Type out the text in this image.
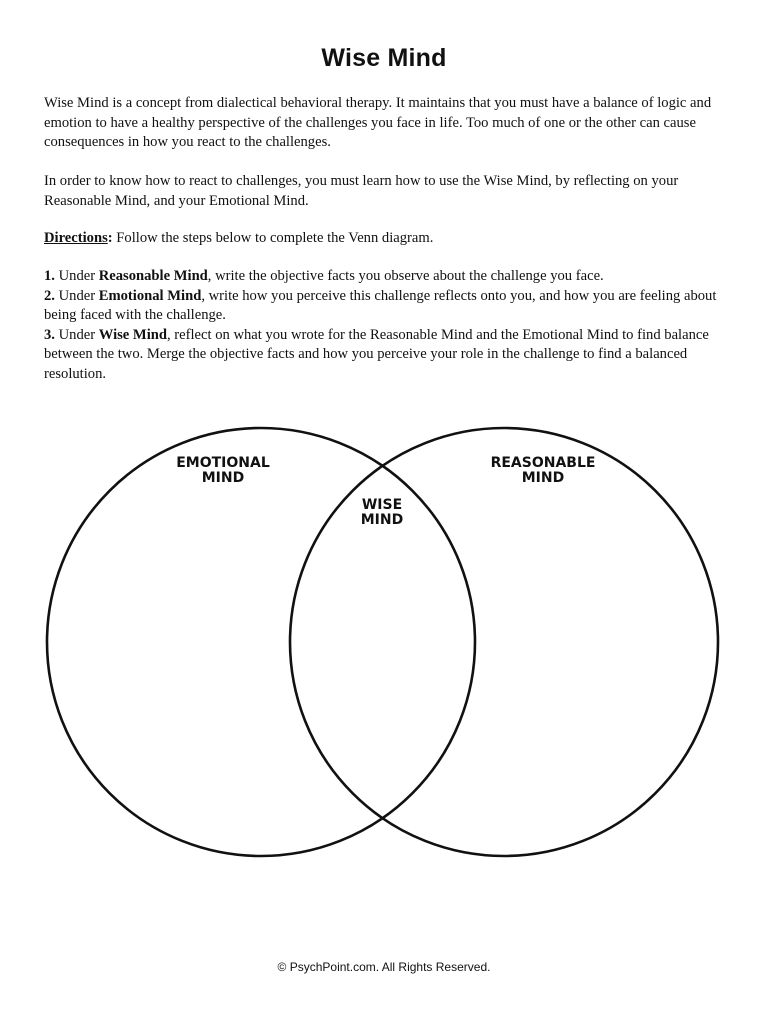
Wise Mind

Wise Mind is a concept from dialectical behavioral therapy. It maintains that you must have a balance of logic and emotion to have a healthy perspective of the challenges you face in life. Too much of one or the other can cause consequences in how you react to the challenges.

In order to know how to react to challenges, you must learn how to use the Wise Mind, by reflecting on your Reasonable Mind, and your Emotional Mind.

Directions: Follow the steps below to complete the Venn diagram.

1. Under Reasonable Mind, write the objective facts you observe about the challenge you face.
2. Under Emotional Mind, write how you perceive this challenge reflects onto you, and how you are feeling about being faced with the challenge.
3. Under Wise Mind, reflect on what you wrote for the Reasonable Mind and the Emotional Mind to find balance between the two. Merge the objective facts and how you perceive your role in the challenge to find a balanced resolution.

EMOTIONAL
MIND
REASONABLE
MIND
WISE
MIND
© PsychPoint.com. All Rights Reserved.
